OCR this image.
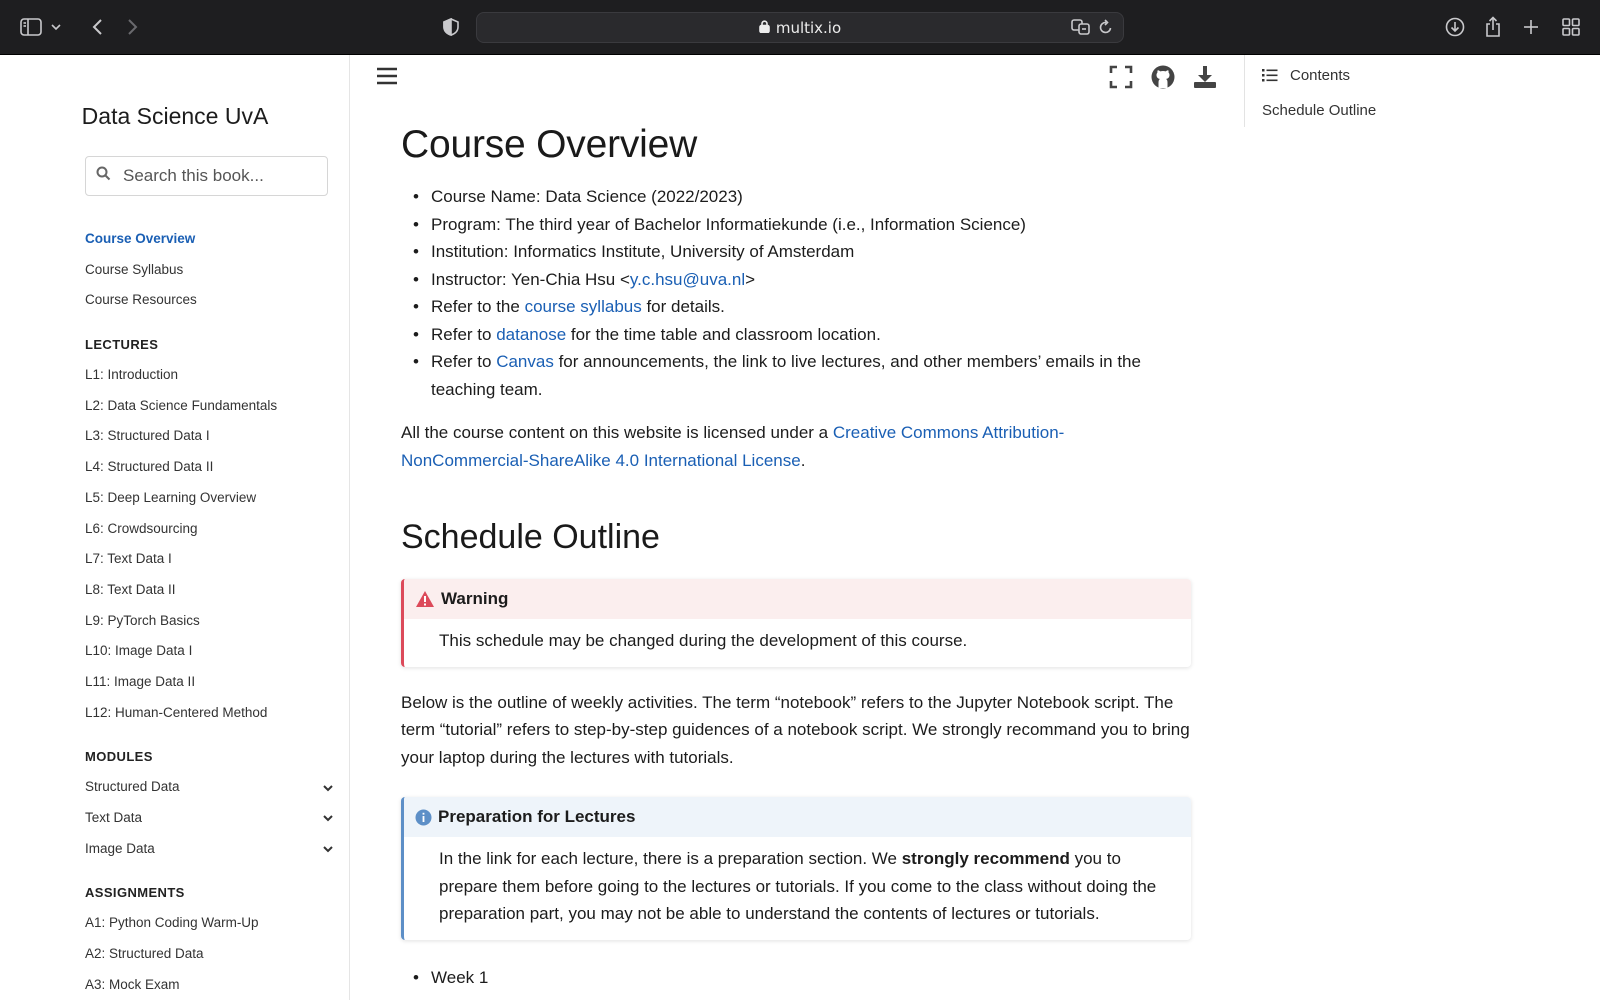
multix.io
Data Science UvA
Search this book...
Course Overview
Course Syllabus
Course Resources
LECTURES
L1: Introduction
L2: Data Science Fundamentals
L3: Structured Data I
L4: Structured Data II
L5: Deep Learning Overview
L6: Crowdsourcing
L7: Text Data I
L8: Text Data II
L9: PyTorch Basics
L10: Image Data I
L11: Image Data II
L12: Human-Centered Method
MODULES
Structured Data
Text Data
Image Data
ASSIGNMENTS
A1: Python Coding Warm-Up
A2: Structured Data
A3: Mock Exam
Course Overview
• Course Name: Data Science (2022/2023)
• Program: The third year of Bachelor Informatiekunde (i.e., Information Science)
• Institution: Informatics Institute, University of Amsterdam
• Instructor: Yen-Chia Hsu <y.c.hsu@uva.nl>
• Refer to the course syllabus for details.
• Refer to datanose for the time table and classroom location.
• Refer to Canvas for announcements, the link to live lectures, and other members’ emails in the teaching team.

All the course content on this website is licensed under a Creative Commons Attribution-NonCommercial-ShareAlike 4.0 International License.

Schedule Outline
Warning
This schedule may be changed during the development of this course.

Below is the outline of weekly activities. The term “notebook” refers to the Jupyter Notebook script. The term “tutorial” refers to step-by-step guidences of a notebook script. We strongly recommand you to bring your laptop during the lectures with tutorials.

Preparation for Lectures
In the link for each lecture, there is a preparation section. We strongly recommend you to prepare them before going to the lectures or tutorials. If you come to the class without doing the preparation part, you may not be able to understand the contents of lectures or tutorials.
• Week 1
Contents
Schedule Outline
